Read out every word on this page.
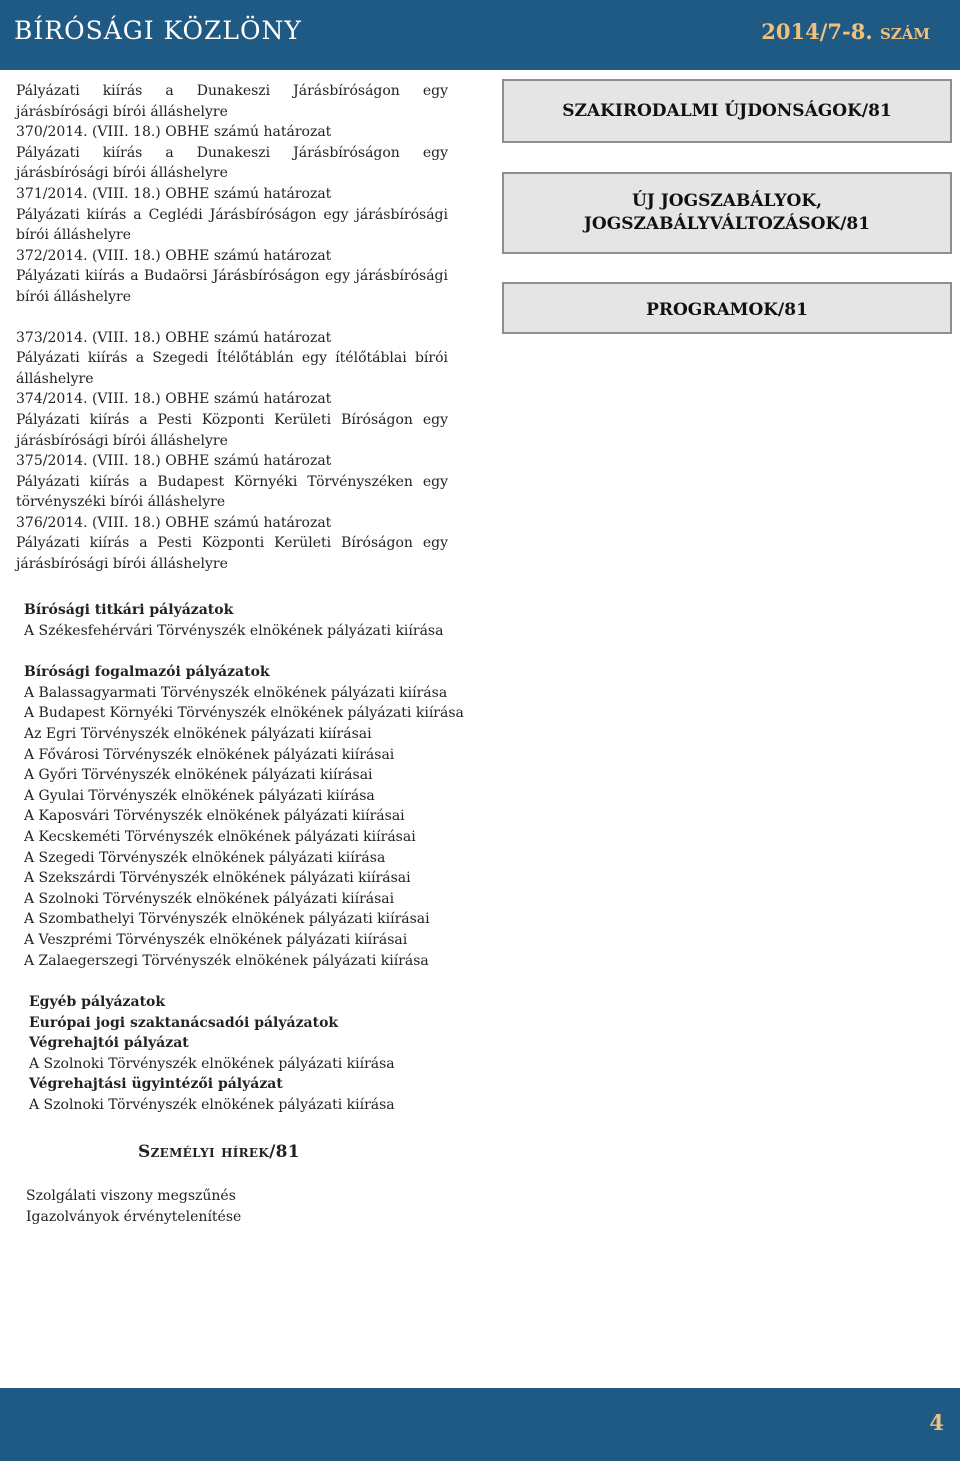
BÍRÓSÁGI KÖZLÖNY	2014/7-8. SZÁM

Pályázati kiírás a Dunakeszi Járásbíróságon egy járásbírósági bírói álláshelyre

370/2014. (VIII. 18.) OBHE számú határozat

Pályázati kiírás a Dunakeszi Járásbíróságon egy járásbírósági bírói álláshelyre

371/2014. (VIII. 18.) OBHE számú határozat

Pályázati kiírás a Ceglédi Járásbíróságon egy járásbírósági bírói álláshelyre

372/2014. (VIII. 18.) OBHE számú határozat

Pályázati kiírás a Budaörsi Járásbíróságon egy járásbírósági bírói álláshelyre

373/2014. (VIII. 18.) OBHE számú határozat

Pályázati kiírás a Szegedi Ítélőtáblán egy ítélőtáblai bírói álláshelyre

374/2014. (VIII. 18.) OBHE számú határozat

Pályázati kiírás a Pesti Központi Kerületi Bíróságon egy járásbírósági bírói álláshelyre

375/2014. (VIII. 18.) OBHE számú határozat

Pályázati kiírás a Budapest Környéki Törvényszéken egy törvényszéki bírói álláshelyre

376/2014. (VIII. 18.) OBHE számú határozat

Pályázati kiírás a Pesti Központi Kerületi Bíróságon egy járásbírósági bírói álláshelyre

Bírósági titkári pályázatok

A Székesfehérvári Törvényszék elnökének pályázati kiírása

Bírósági fogalmazói pályázatok

A Balassagyarmati Törvényszék elnökének pályázati kiírása

A Budapest Környéki Törvényszék elnökének pályázati kiírása

Az Egri Törvényszék elnökének pályázati kiírásai

A Fővárosi Törvényszék elnökének pályázati kiírásai

A Győri Törvényszék elnökének pályázati kiírásai

A Gyulai Törvényszék elnökének pályázati kiírása

A Kaposvári Törvényszék elnökének pályázati kiírásai

A Kecskeméti Törvényszék elnökének pályázati kiírásai

A Szegedi Törvényszék elnökének pályázati kiírása

A Szekszárdi Törvényszék elnökének pályázati kiírásai

A Szolnoki Törvényszék elnökének pályázati kiírásai

A Szombathelyi Törvényszék elnökének pályázati kiírásai

A Veszprémi Törvényszék elnökének pályázati kiírásai

A Zalaegerszegi Törvényszék elnökének pályázati kiírása

Egyéb pályázatok

Európai jogi szaktanácsadói pályázatok

Végrehajtói pályázat

A Szolnoki Törvényszék elnökének pályázati kiírása

Végrehajtási ügyintézői pályázat

A Szolnoki Törvényszék elnökének pályázati kiírása

Személyi hírek/81

Szolgálati viszony megszűnés

Igazolványok érvénytelenítése

SZAKIRODALMI ÚJDONSÁGOK/81
ÚJ JOGSZABÁLYOK,
JOGSZABÁLYVÁLTOZÁSOK/81
PROGRAMOK/81
4
